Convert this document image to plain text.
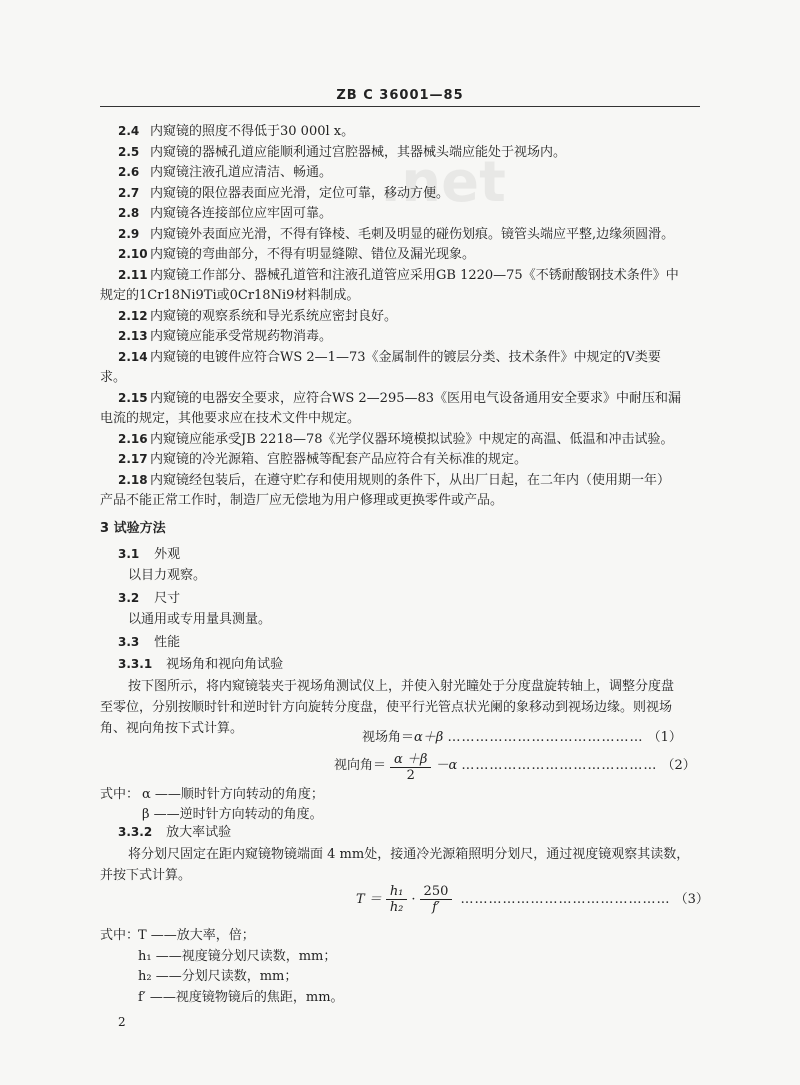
.net
ZB C 36001—85
2.4 内窥镜的照度不得低于30 000l x。
2.5 内窥镜的器械孔道应能顺利通过宫腔器械，其器械头端应能处于视场内。
2.6 内窥镜注液孔道应清洁、畅通。
2.7 内窥镜的限位器表面应光滑，定位可靠，移动方便。
2.8 内窥镜各连接部位应牢固可靠。
2.9 内窥镜外表面应光滑，不得有锋棱、毛刺及明显的碰伤划痕。镜管头端应平整,边缘须圆滑。
2.10 内窥镜的弯曲部分，不得有明显缝隙、错位及漏光现象。
2.11 内窥镜工作部分、器械孔道管和注液孔道管应采用GB 1220—75《不锈耐酸钢技术条件》中
规定的1Cr18Ni9Ti或0Cr18Ni9材料制成。
2.12 内窥镜的观察系统和导光系统应密封良好。
2.13 内窥镜应能承受常规药物消毒。
2.14 内窥镜的电镀件应符合WS 2—1—73《金属制件的镀层分类、技术条件》中规定的V类要
求。
2.15 内窥镜的电器安全要求，应符合WS 2—295—83《医用电气设备通用安全要求》中耐压和漏
电流的规定，其他要求应在技术文件中规定。
2.16 内窥镜应能承受JB 2218—78《光学仪器环境模拟试验》中规定的高温、低温和冲击试验。
2.17 内窥镜的冷光源箱、宫腔器械等配套产品应符合有关标准的规定。
2.18 内窥镜经包装后，在遵守贮存和使用规则的条件下，从出厂日起，在二年内（使用期一年）
产品不能正常工作时，制造厂应无偿地为用户修理或更换零件或产品。
3 试验方法
3.1 外观
以目力观察。
3.2 尺寸
以通用或专用量具测量。
3.3 性能
3.3.1 视场角和视向角试验
按下图所示，将内窥镜装夹于视场角测试仪上，并使入射光瞳处于分度盘旋转轴上，调整分度盘
至零位，分别按顺时针和逆时针方向旋转分度盘，使平行光管点状光阑的象移动到视场边缘。则视场
角、视向角按下式计算。
视场角＝α＋β …………………………………… （1）
视向角＝ $\frac{\alpha +\beta}{2} -\alpha$ …………………………………… （2）
式中： α ——顺时针方向转动的角度；
β ——逆时针方向转动的角度。
3.3.2 放大率试验
将分划尺固定在距内窥镜物镜端面 4 mm处，接通冷光源箱照明分划尺，通过视度镜观察其读数，
并按下式计算。
$T = \frac{\text{h₁}}{\text{h₂}} \cdot \frac{250}{f'}$ ……………………………………… （3）
式中：
T ——放大率，倍；
h₁ ——视度镜分划尺读数，mm；
h₂ ——分划尺读数，mm；
f′ ——视度镜物镜后的焦距，mm。
2
